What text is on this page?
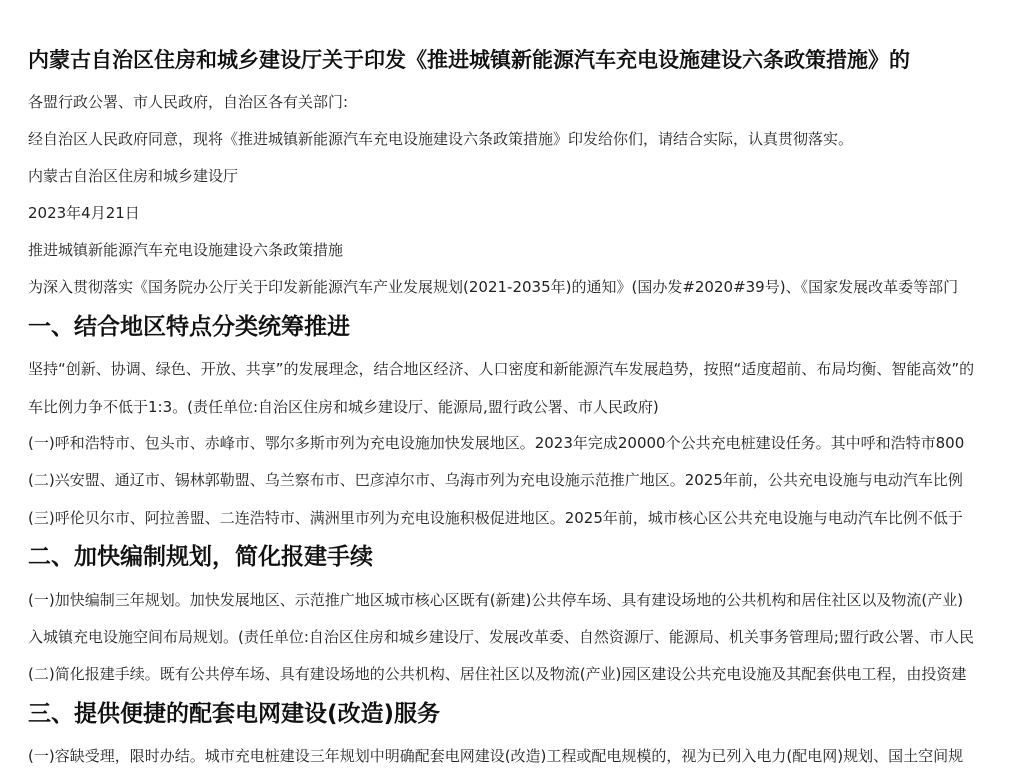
内蒙古自治区住房和城乡建设厅关于印发《推进城镇新能源汽车充电设施建设六条政策措施》的
各盟行政公署、市人民政府，自治区各有关部门:
经自治区人民政府同意，现将《推进城镇新能源汽车充电设施建设六条政策措施》印发给你们，请结合实际，认真贯彻落实。
内蒙古自治区住房和城乡建设厅
2023年4月21日
推进城镇新能源汽车充电设施建设六条政策措施
为深入贯彻落实《国务院办公厅关于印发新能源汽车产业发展规划(2021-2035年)的通知》(国办发#2020#39号)、《国家发展改革委等部门
一、结合地区特点分类统筹推进
坚持“创新、协调、绿色、开放、共享”的发展理念，结合地区经济、人口密度和新能源汽车发展趋势，按照“适度超前、布局均衡、智能高效”的
车比例力争不低于1:3。(责任单位:自治区住房和城乡建设厅、能源局,盟行政公署、市人民政府)
(一)呼和浩特市、包头市、赤峰市、鄂尔多斯市列为充电设施加快发展地区。2023年完成20000个公共充电桩建设任务。其中呼和浩特市800
(二)兴安盟、通辽市、锡林郭勒盟、乌兰察布市、巴彦淖尔市、乌海市列为充电设施示范推广地区。2025年前，公共充电设施与电动汽车比例
(三)呼伦贝尔市、阿拉善盟、二连浩特市、满洲里市列为充电设施积极促进地区。2025年前，城市核心区公共充电设施与电动汽车比例不低于
二、加快编制规划，简化报建手续
(一)加快编制三年规划。加快发展地区、示范推广地区城市核心区既有(新建)公共停车场、具有建设场地的公共机构和居住社区以及物流(产业)
入城镇充电设施空间布局规划。(责任单位:自治区住房和城乡建设厅、发展改革委、自然资源厅、能源局、机关事务管理局;盟行政公署、市人民
(二)简化报建手续。既有公共停车场、具有建设场地的公共机构、居住社区以及物流(产业)园区建设公共充电设施及其配套供电工程，由投资建
三、提供便捷的配套电网建设(改造)服务
(一)容缺受理，限时办结。城市充电桩建设三年规划中明确配套电网建设(改造)工程或配电规模的，视为已列入电力(配电网)规划、国土空间规
